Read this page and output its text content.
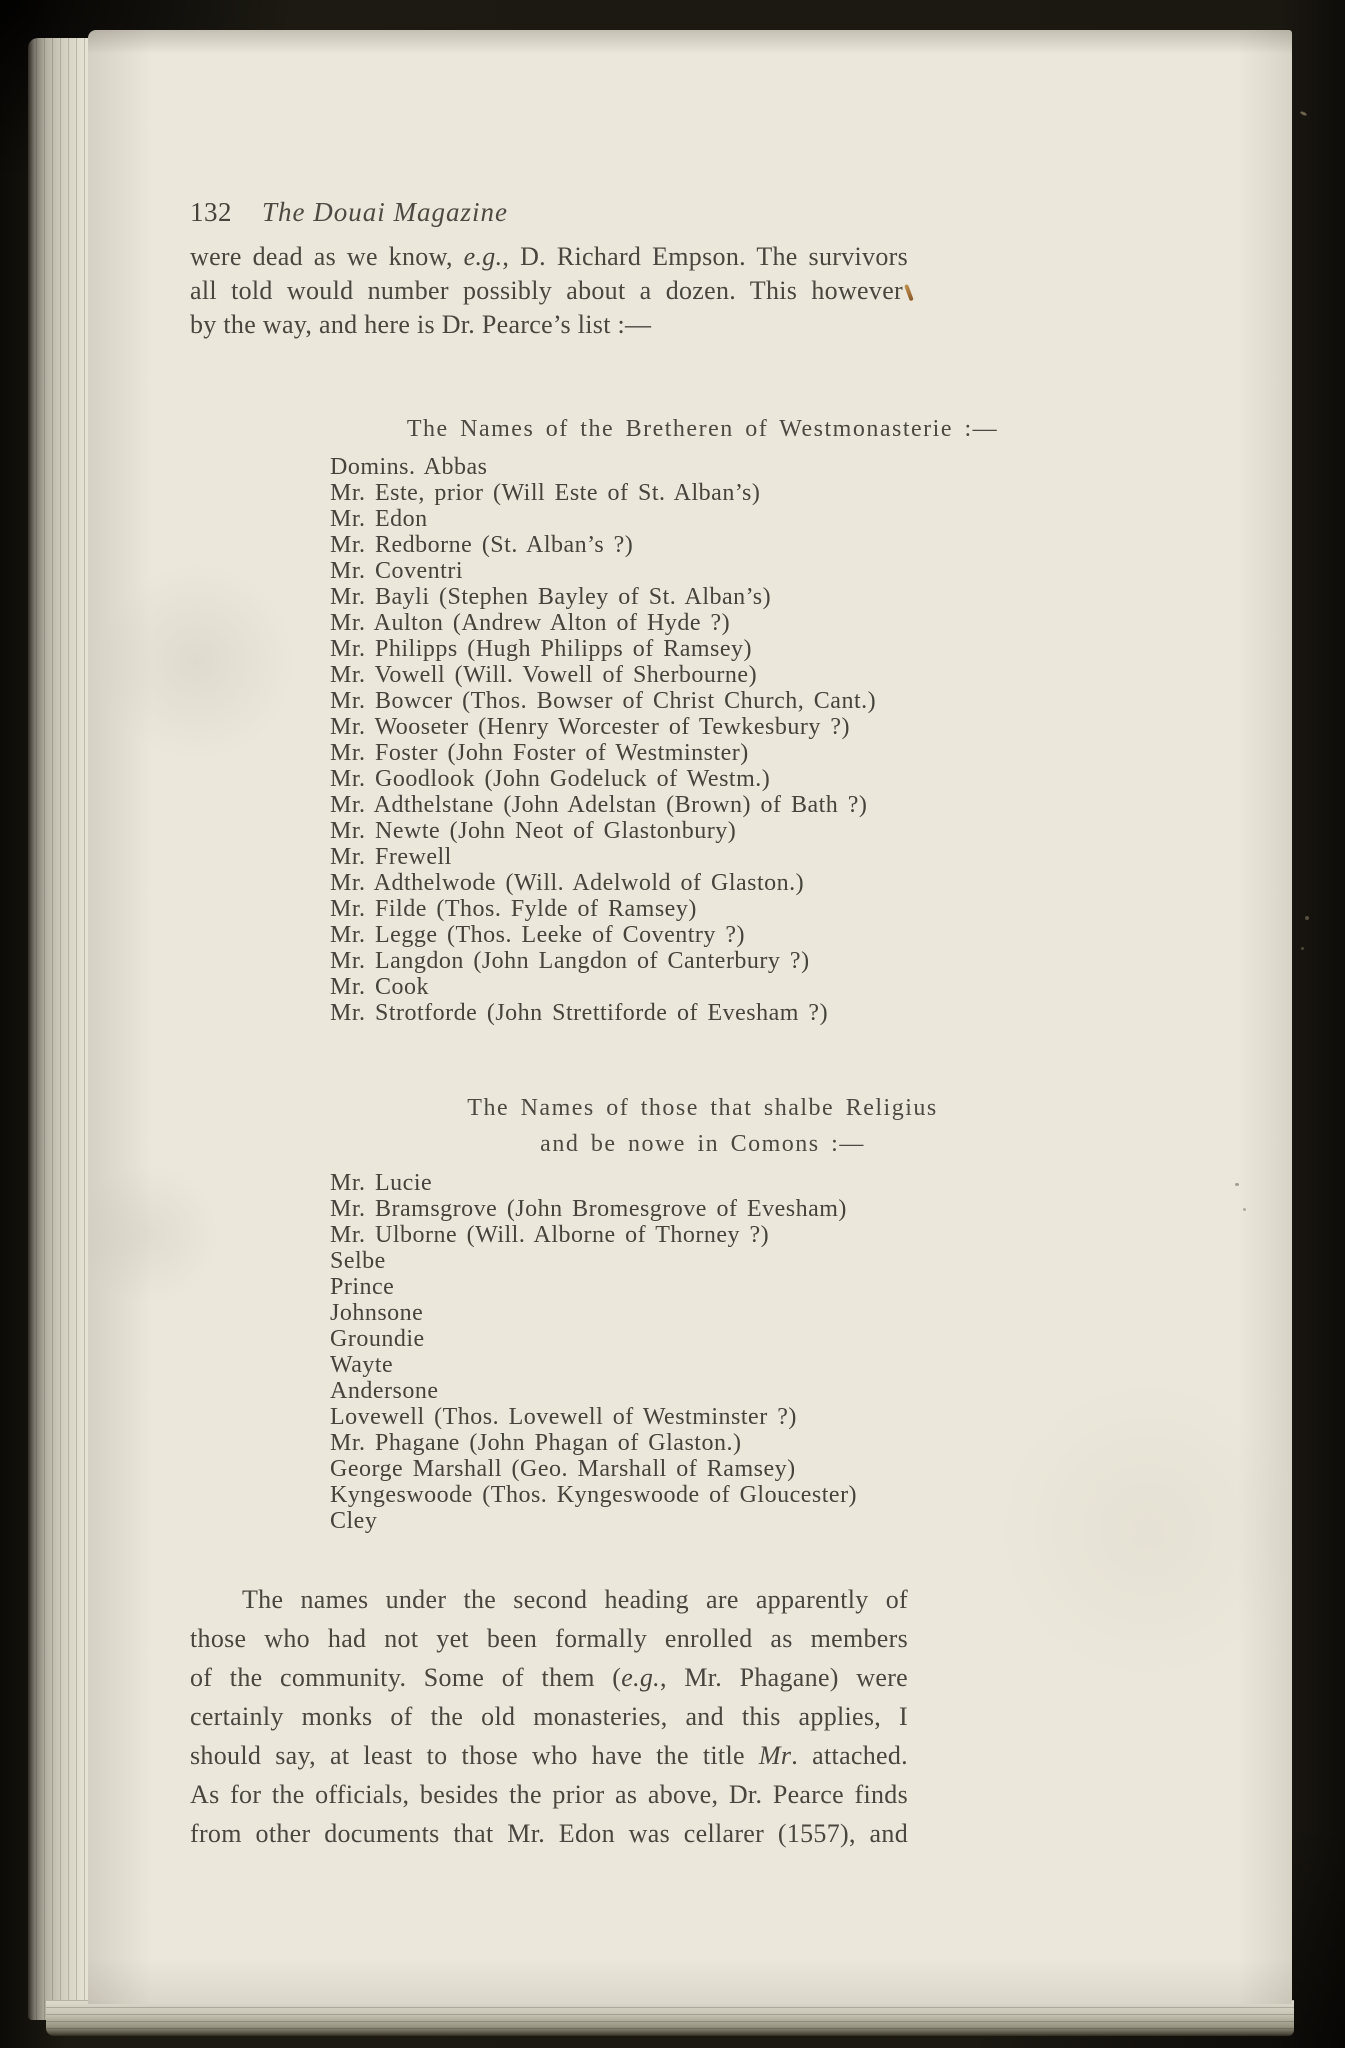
132 The Douai Magazine
were dead as we know, e.g., D. Richard Empson. The survivors
all told would number possibly about a dozen. This however
by the way, and here is Dr. Pearce’s list :—
The Names of the Bretheren of Westmonasterie :—
Domins. Abbas
Mr. Este, prior (Will Este of St. Alban’s)
Mr. Edon
Mr. Redborne (St. Alban’s ?)
Mr. Coventri
Mr. Bayli (Stephen Bayley of St. Alban’s)
Mr. Aulton (Andrew Alton of Hyde ?)
Mr. Philipps (Hugh Philipps of Ramsey)
Mr. Vowell (Will. Vowell of Sherbourne)
Mr. Bowcer (Thos. Bowser of Christ Church, Cant.)
Mr. Wooseter (Henry Worcester of Tewkesbury ?)
Mr. Foster (John Foster of Westminster)
Mr. Goodlook (John Godeluck of Westm.)
Mr. Adthelstane (John Adelstan (Brown) of Bath ?)
Mr. Newte (John Neot of Glastonbury)
Mr. Frewell
Mr. Adthelwode (Will. Adelwold of Glaston.)
Mr. Filde (Thos. Fylde of Ramsey)
Mr. Legge (Thos. Leeke of Coventry ?)
Mr. Langdon (John Langdon of Canterbury ?)
Mr. Cook
Mr. Strotforde (John Strettiforde of Evesham ?)
The Names of those that shalbe Religius
and be nowe in Comons :—
Mr. Lucie
Mr. Bramsgrove (John Bromesgrove of Evesham)
Mr. Ulborne (Will. Alborne of Thorney ?)
Selbe
Prince
Johnsone
Groundie
Wayte
Andersone
Lovewell (Thos. Lovewell of Westminster ?)
Mr. Phagane (John Phagan of Glaston.)
George Marshall (Geo. Marshall of Ramsey)
Kyngeswoode (Thos. Kyngeswoode of Gloucester)
Cley
The names under the second heading are apparently of
those who had not yet been formally enrolled as members
of the community. Some of them (e.g., Mr. Phagane) were
certainly monks of the old monasteries, and this applies, I
should say, at least to those who have the title Mr. attached.
As for the officials, besides the prior as above, Dr. Pearce finds
from other documents that Mr. Edon was cellarer (1557), and
